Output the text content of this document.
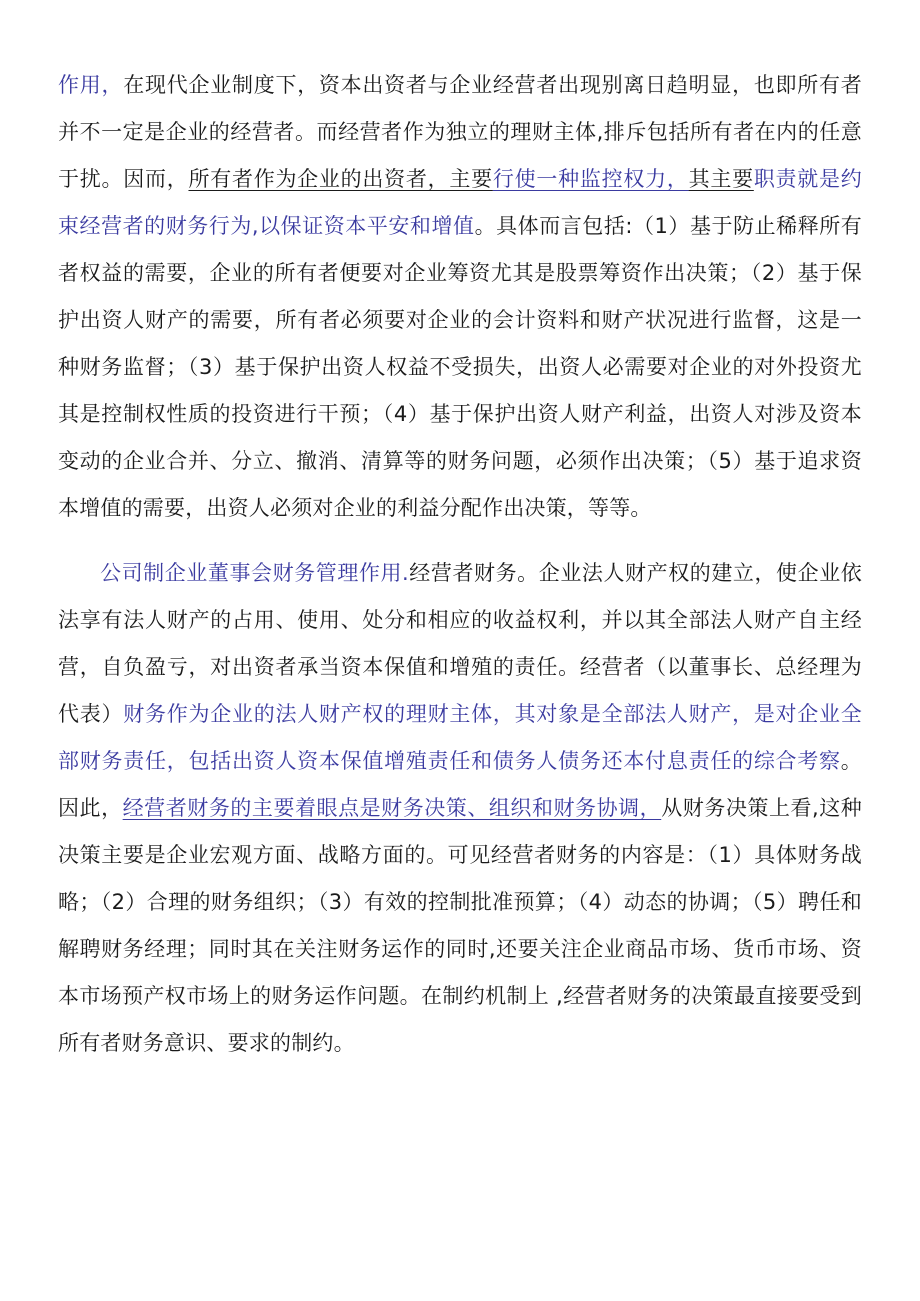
作用，在现代企业制度下，资本出资者与企业经营者出现别离日趋明显，也即所有者并不一定是企业的经营者。而经营者作为独立的理财主体,排斥包括所有者在内的任意于扰。因而，所有者作为企业的出资者，主要行使一种监控权力，其主要职责就是约束经营者的财务行为,以保证资本平安和增值。具体而言包括:（1）基于防止稀释所有者权益的需要，企业的所有者便要对企业筹资尤其是股票筹资作出决策；（2）基于保护出资人财产的需要，所有者必须要对企业的会计资料和财产状况进行监督，这是一种财务监督；（3）基于保护出资人权益不受损失，出资人必需要对企业的对外投资尤其是控制权性质的投资进行干预；（4）基于保护出资人财产利益，出资人对涉及资本变动的企业合并、分立、撤消、清算等的财务问题，必须作出决策；（5）基于追求资本增值的需要，出资人必须对企业的利益分配作出决策，等等。

公司制企业董事会财务管理作用.经营者财务。企业法人财产权的建立，使企业依法享有法人财产的占用、使用、处分和相应的收益权利，并以其全部法人财产自主经营，自负盈亏，对出资者承当资本保值和增殖的责任。经营者（以董事长、总经理为代表）财务作为企业的法人财产权的理财主体，其对象是全部法人财产，是对企业全部财务责任，包括出资人资本保值增殖责任和债务人债务还本付息责任的综合考察。因此，经营者财务的主要着眼点是财务决策、组织和财务协调，从财务决策上看,这种决策主要是企业宏观方面、战略方面的。可见经营者财务的内容是：（1）具体财务战略；（2）合理的财务组织；（3）有效的控制批准预算；（4）动态的协调；（5）聘任和解聘财务经理；同时其在关注财务运作的同时,还要关注企业商品市场、货币市场、资本市场预产权市场上的财务运作问题。在制约机制上 ,经营者财务的决策最直接要受到所有者财务意识、要求的制约。
